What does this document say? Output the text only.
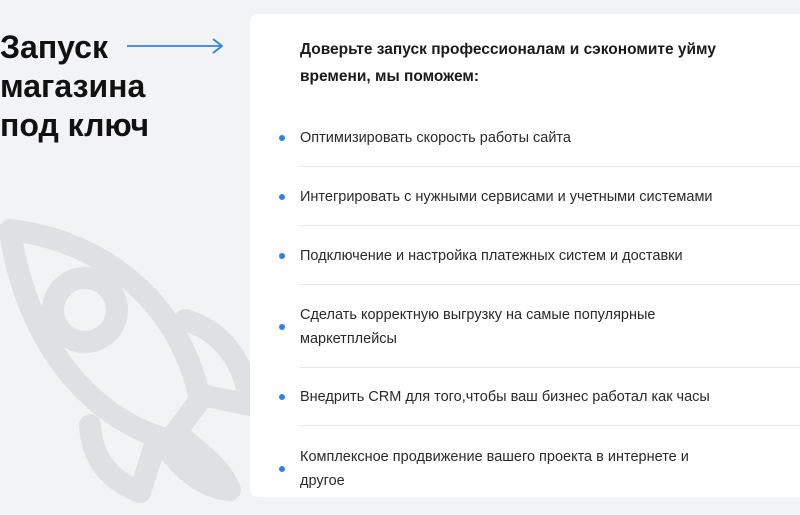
Запуск
магазина
под ключ
Доверьте запуск профессионалам и сэкономите уйму времени, мы поможем:
Оптимизировать скорость работы сайта
Интегрировать с нужными сервисами и учетными системами
Подключение и настройка платежных систем и доставки
Сделать корректную выгрузку на самые популярные маркетплейсы
Внедрить CRM для того,чтобы ваш бизнес работал как часы
Комплексное продвижение вашего проекта в интернете и другое
